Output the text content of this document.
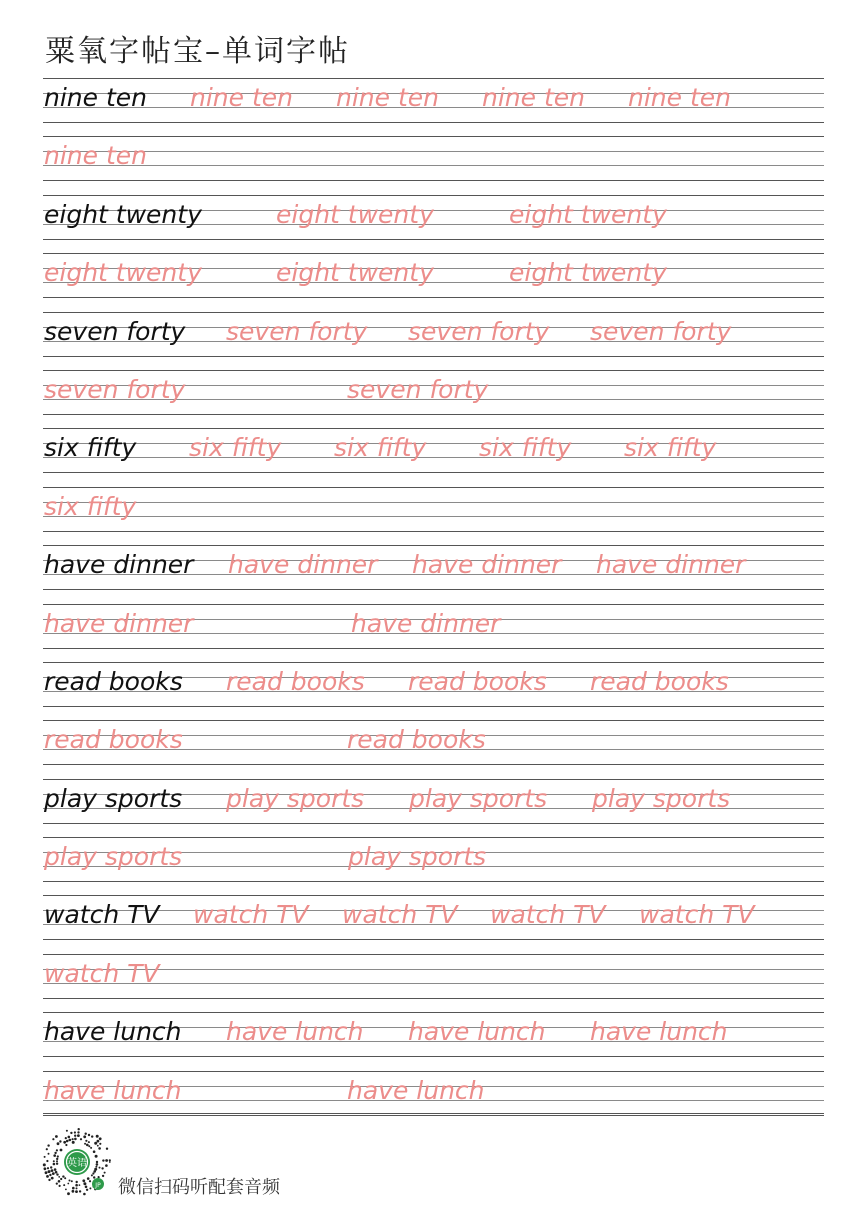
粟氧字帖宝–单词字帖
nine ten nine ten nine ten nine ten nine ten
nine ten
eight twenty	eight twenty	eight twenty
eight twenty	eight twenty	eight twenty
seven forty seven forty seven forty seven forty
seven forty	seven forty
six fifty six fifty six fifty six fifty six fifty
six fifty
have dinner have dinner have dinner have dinner
have dinner	have dinner
read books read books read books read books
read books	read books
play sports play sports play sports play sports
play sports	play sports
watch TV watch TV watch TV watch TV watch TV
watch TV
have lunch have lunch have lunch have lunch
have lunch	have lunch
英语
JP 微信扫码听配套音频
